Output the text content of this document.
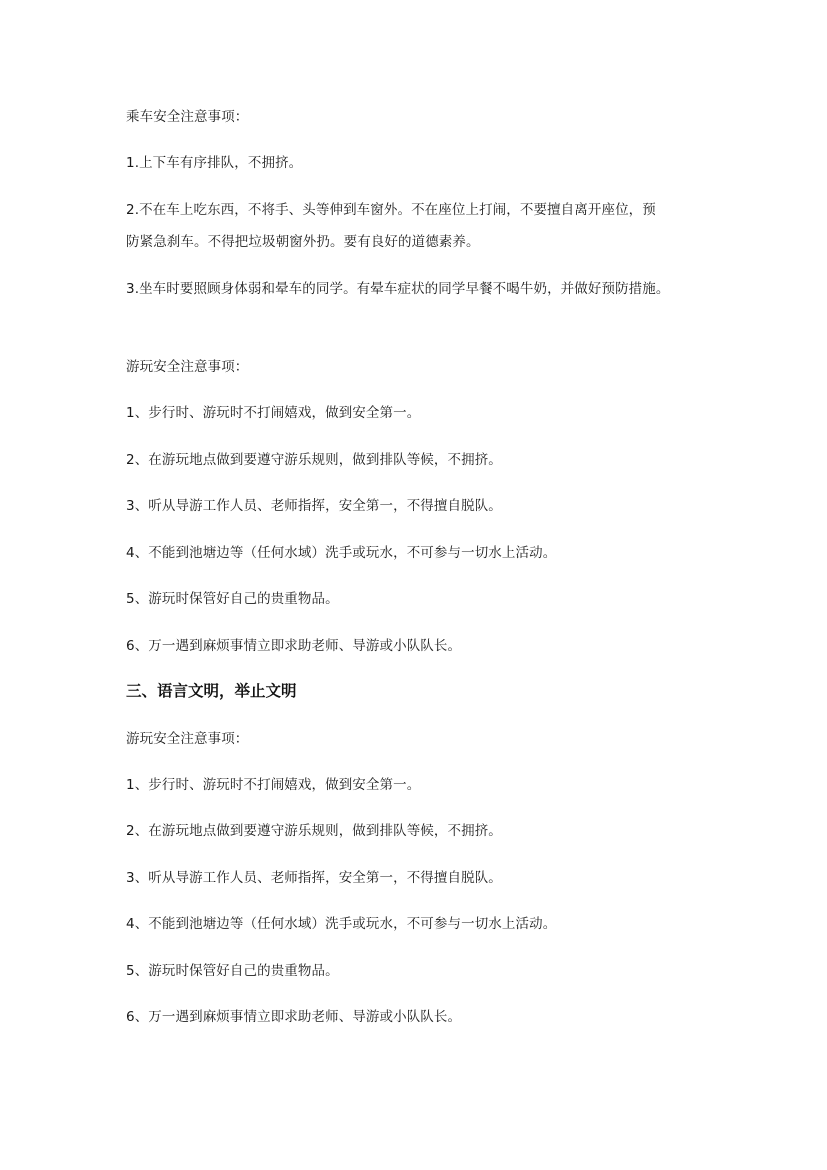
乘车安全注意事项：
1.上下车有序排队，不拥挤。
2.不在车上吃东西，不将手、头等伸到车窗外。不在座位上打闹，不要擅自离开座位，预
防紧急刹车。不得把垃圾朝窗外扔。要有良好的道德素养。
3.坐车时要照顾身体弱和晕车的同学。有晕车症状的同学早餐不喝牛奶，并做好预防措施。
游玩安全注意事项：
1、步行时、游玩时不打闹嬉戏，做到安全第一。
2、在游玩地点做到要遵守游乐规则，做到排队等候，不拥挤。
3、听从导游工作人员、老师指挥，安全第一，不得擅自脱队。
4、不能到池塘边等（任何水域）洗手或玩水，不可参与一切水上活动。
5、游玩时保管好自己的贵重物品。
6、万一遇到麻烦事情立即求助老师、导游或小队队长。
三、语言文明，举止文明
游玩安全注意事项：
1、步行时、游玩时不打闹嬉戏，做到安全第一。
2、在游玩地点做到要遵守游乐规则，做到排队等候，不拥挤。
3、听从导游工作人员、老师指挥，安全第一，不得擅自脱队。
4、不能到池塘边等（任何水域）洗手或玩水，不可参与一切水上活动。
5、游玩时保管好自己的贵重物品。
6、万一遇到麻烦事情立即求助老师、导游或小队队长。
